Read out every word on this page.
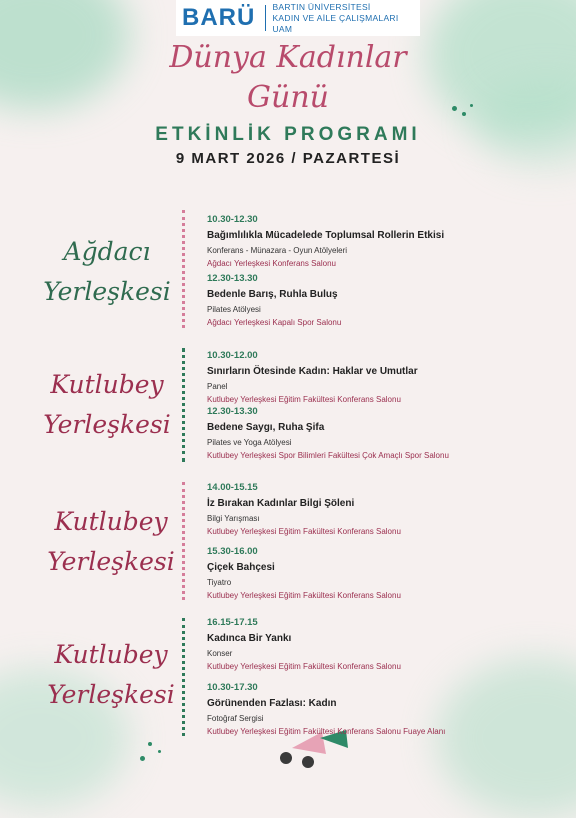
BARÜ	BARTIN ÜNİVERSİTESİ
KADIN VE AİLE ÇALIŞMALARI UAM
Dünya Kadınlar
Günü
ETKİNLİK PROGRAMI
9 MART 2026 / PAZARTESİ
Ağdacı
Yerleşkesi
10.30-12.30
Bağımlılıkla Mücadelede Toplumsal Rollerin Etkisi
Konferans - Münazara - Oyun Atölyeleri
Ağdacı Yerleşkesi Konferans Salonu
12.30-13.30
Bedenle Barış, Ruhla Buluş
Pilates Atölyesi
Ağdacı Yerleşkesi Kapalı Spor Salonu
Kutlubey
Yerleşkesi
10.30-12.00
Sınırların Ötesinde Kadın: Haklar ve Umutlar
Panel
Kutlubey Yerleşkesi Eğitim Fakültesi Konferans Salonu
12.30-13.30
Bedene Saygı, Ruha Şifa
Pilates ve Yoga Atölyesi
Kutlubey Yerleşkesi Spor Bilimleri Fakültesi Çok Amaçlı Spor Salonu
Kutlubey
Yerleşkesi
14.00-15.15
İz Bırakan Kadınlar Bilgi Şöleni
Bilgi Yarışması
Kutlubey Yerleşkesi Eğitim Fakültesi Konferans Salonu
15.30-16.00
Çiçek Bahçesi
Tiyatro
Kutlubey Yerleşkesi Eğitim Fakültesi Konferans Salonu
Kutlubey
Yerleşkesi
16.15-17.15
Kadınca Bir Yankı
Konser
Kutlubey Yerleşkesi Eğitim Fakültesi Konferans Salonu
10.30-17.30
Görünenden Fazlası: Kadın
Fotoğraf Sergisi
Kutlubey Yerleşkesi Eğitim Fakültesi Konferans Salonu Fuaye Alanı
